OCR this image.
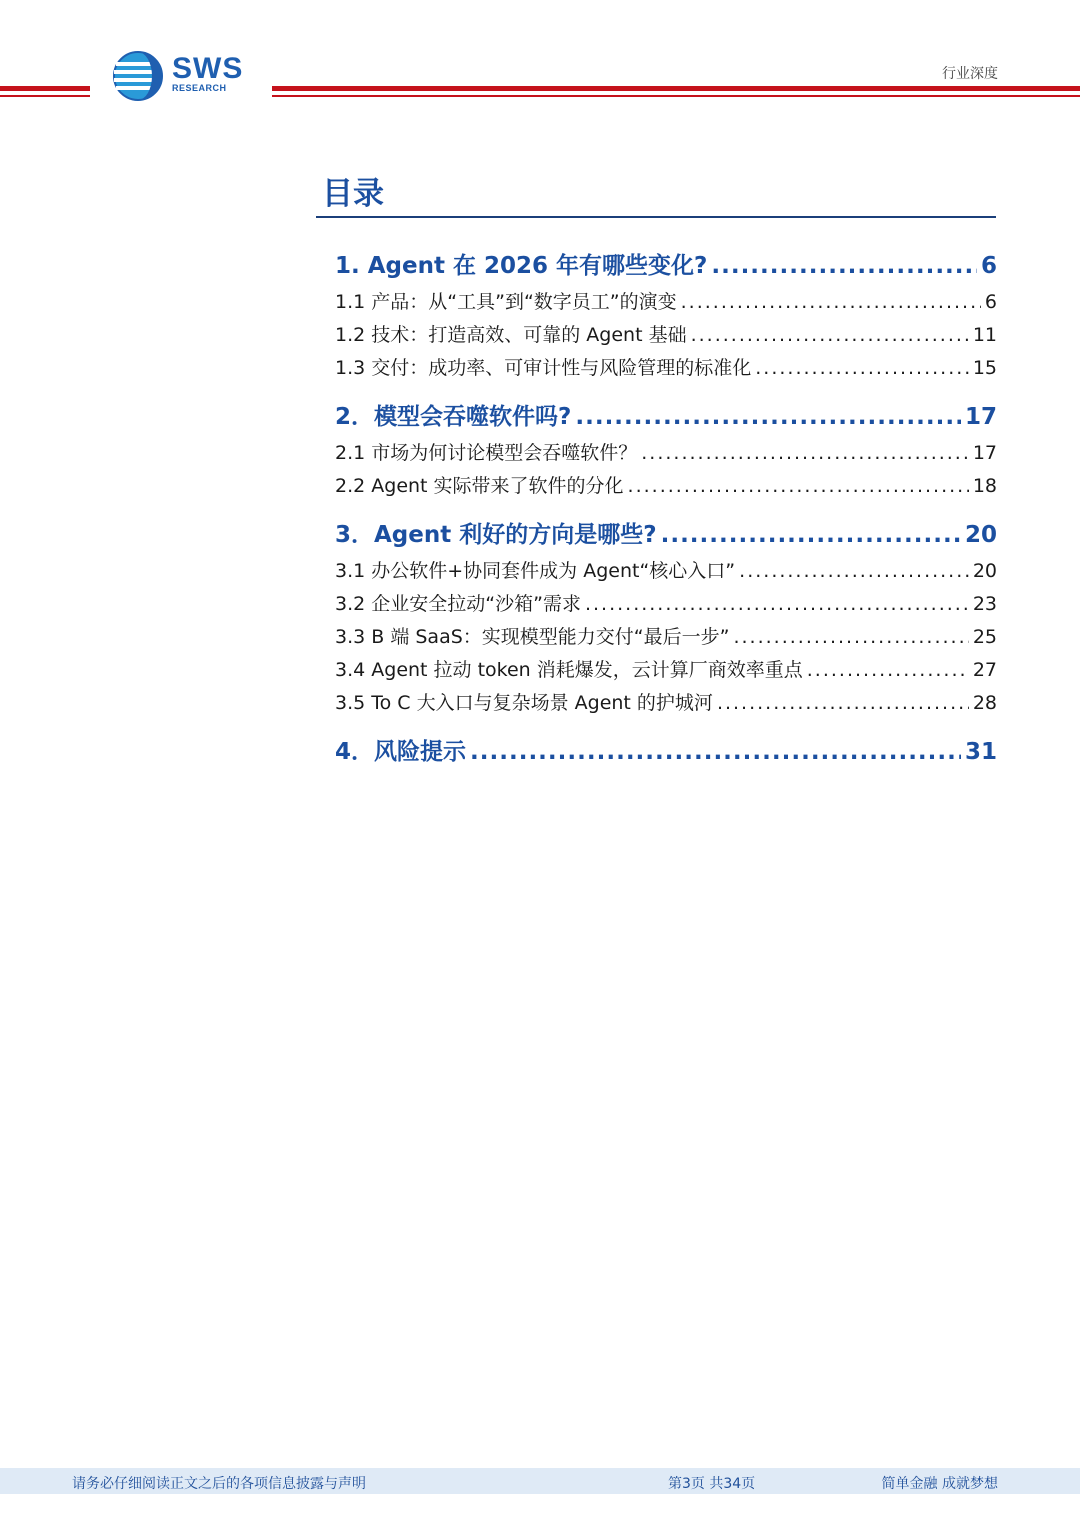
SWS
RESEARCH
行业深度
目录
1. Agent 在 2026 年有哪些变化? .....	6
1.1 产品：从“工具”到“数字员工”的演变 .....	6
1.2 技术：打造高效、可靠的 Agent 基础 .....	11
1.3 交付：成功率、可审计性与风险管理的标准化 .....	15
2．模型会吞噬软件吗? .....	17
2.1 市场为何讨论模型会吞噬软件？ .....	17
2.2 Agent 实际带来了软件的分化 .....	18
3．Agent 利好的方向是哪些? .....	20
3.1 办公软件+协同套件成为 Agent“核心入口” .....	20
3.2 企业安全拉动“沙箱”需求 .....	23
3.3 B 端 SaaS：实现模型能力交付“最后一步” .....	25
3.4 Agent 拉动 token 消耗爆发，云计算厂商效率重点 .....	27
3.5 To C 大入口与复杂场景 Agent 的护城河 .....	28
4．风险提示 .....	31
请务必仔细阅读正文之后的各项信息披露与声明	第3页 共34页	简单金融 成就梦想
